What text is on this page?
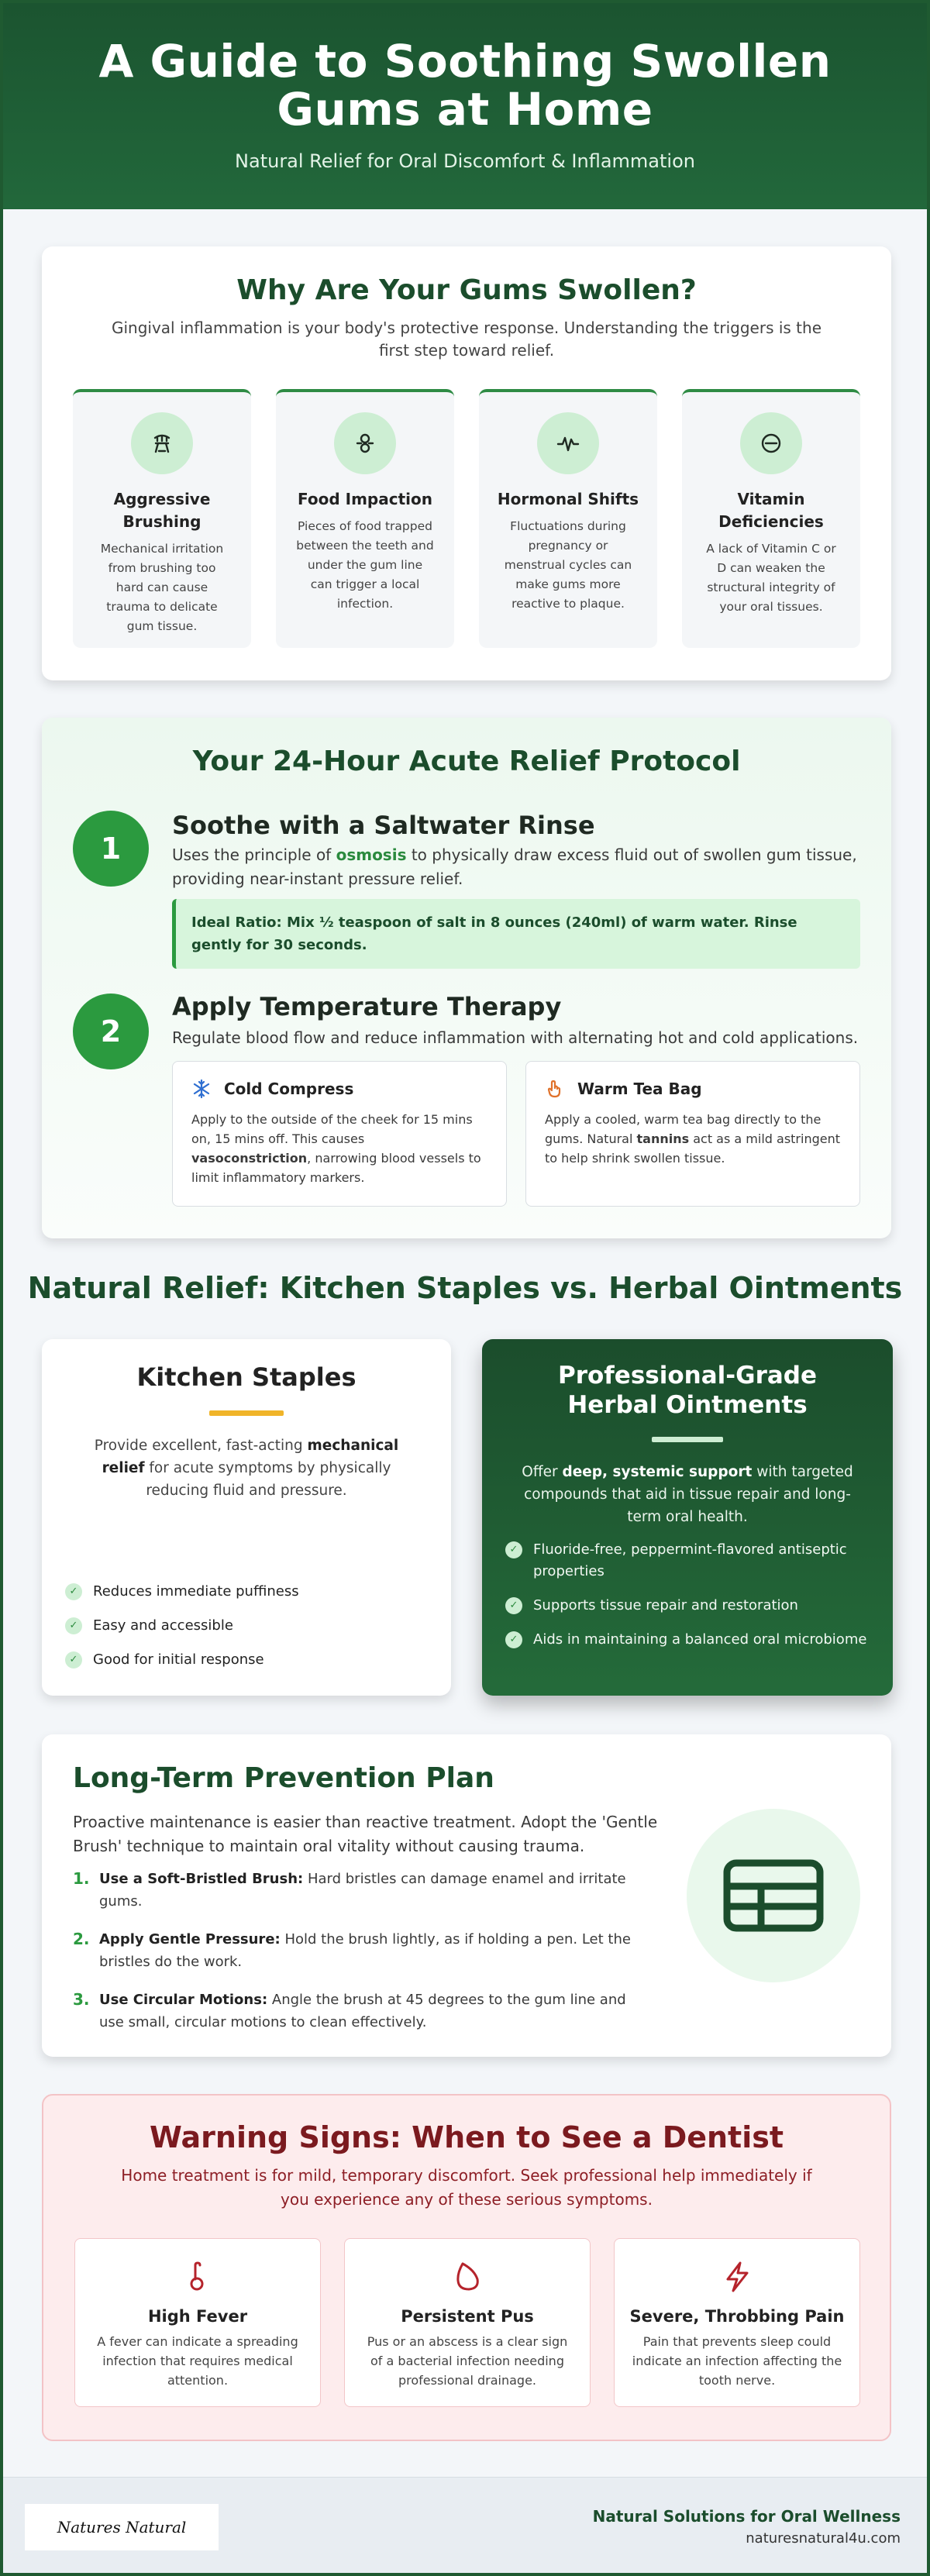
A Guide to Soothing Swollen Gums at Home
Natural Relief for Oral Discomfort & Inflammation
Why Are Your Gums Swollen?

Gingival inflammation is your body's protective response. Understanding the triggers is the first step toward relief.

Aggressive Brushing

Mechanical irritation from brushing too hard can cause trauma to delicate gum tissue.

Food Impaction

Pieces of food trapped between the teeth and under the gum line can trigger a local infection.

Hormonal Shifts

Fluctuations during pregnancy or menstrual cycles can make gums more reactive to plaque.

Vitamin Deficiencies

A lack of Vitamin C or D can weaken the structural integrity of your oral tissues.

Your 24-Hour Acute Relief Protocol
1
Soothe with a Saltwater Rinse
Uses the principle of osmosis to physically draw excess fluid out of swollen gum tissue, providing near-instant pressure relief.
Ideal Ratio: Mix ½ teaspoon of salt in 8 ounces (240ml) of warm water. Rinse gently for 30 seconds.
2
Apply Temperature Therapy
Regulate blood flow and reduce inflammation with alternating hot and cold applications.
Cold Compress

Apply to the outside of the cheek for 15 mins on, 15 mins off. This causes vasoconstriction, narrowing blood vessels to limit inflammatory markers.

Warm Tea Bag

Apply a cooled, warm tea bag directly to the gums. Natural tannins act as a mild astringent to help shrink swollen tissue.

Natural Relief: Kitchen Staples vs. Herbal Ointments
Kitchen Staples

Provide excellent, fast-acting mechanical relief for acute symptoms by physically reducing fluid and pressure.

✓	Reduces immediate puffiness
✓	Easy and accessible
✓	Good for initial response
Professional-Grade Herbal Ointments

Offer deep, systemic support with targeted compounds that aid in tissue repair and long-term oral health.

✓	Fluoride-free, peppermint-flavored antiseptic properties
✓	Supports tissue repair and restoration
✓	Aids in maintaining a balanced oral microbiome
Long-Term Prevention Plan

Proactive maintenance is easier than reactive treatment. Adopt the 'Gentle Brush' technique to maintain oral vitality without causing trauma.

1. Use a Soft-Bristled Brush: Hard bristles can damage enamel and irritate gums.
2. Apply Gentle Pressure: Hold the brush lightly, as if holding a pen. Let the bristles do the work.
3. Use Circular Motions: Angle the brush at 45 degrees to the gum line and use small, circular motions to clean effectively.
Warning Signs: When to See a Dentist

Home treatment is for mild, temporary discomfort. Seek professional help immediately if you experience any of these serious symptoms.

High Fever

A fever can indicate a spreading infection that requires medical attention.

Persistent Pus

Pus or an abscess is a clear sign of a bacterial infection needing professional drainage.

Severe, Throbbing Pain

Pain that prevents sleep could indicate an infection affecting the tooth nerve.

Natures Natural
Natural Solutions for Oral Wellness
naturesnatural4u.com
